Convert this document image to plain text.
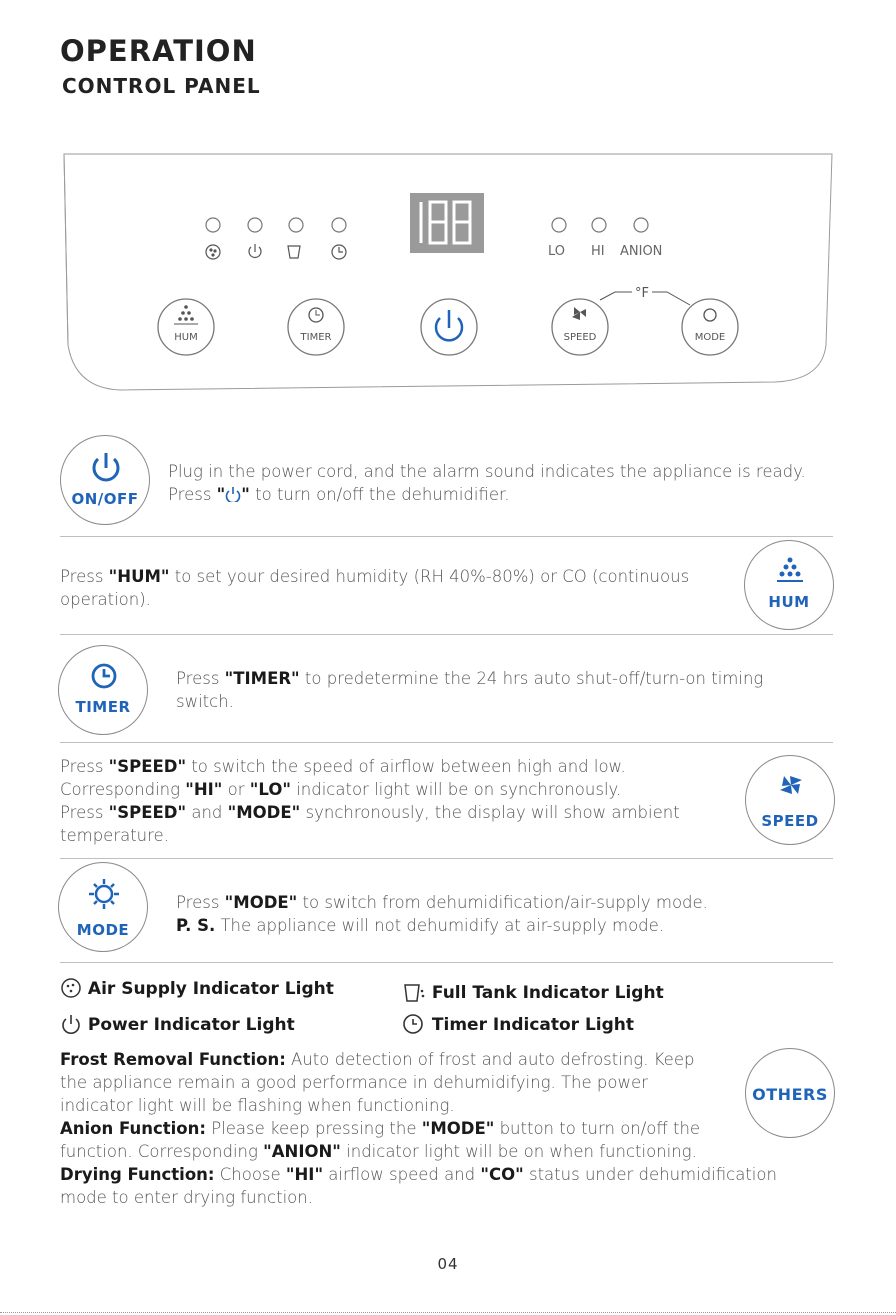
OPERATION
CONTROL PANEL
LO HI ANION
HUM	TIMER	SPEED	MODE
°F
ON/OFF
Plug in the power cord, and the alarm sound indicates the appliance is ready.
Press " " to turn on/off the dehumidifier.
Press "HUM" to set your desired humidity (RH 40%-80%) or CO (continuous
operation).	HUM
TIMER
Press "TIMER" to predetermine the 24 hrs auto shut-off/turn-on timing
switch.
Press "SPEED" to switch the speed of airflow between high and low.
Corresponding "HI" or "LO" indicator light will be on synchronously.
Press "SPEED" and "MODE" synchronously, the display will show ambient
temperature.
SPEED
MODE
Press "MODE" to switch from dehumidification/air-supply mode.
P. S. The appliance will not dehumidify at air-supply mode.
Air Supply Indicator Light	Full Tank Indicator Light
Power Indicator Light	Timer Indicator Light
Frost Removal Function: Auto detection of frost and auto defrosting. Keep
the appliance remain a good performance in dehumidifying. The power
indicator light will be flashing when functioning.
Anion Function: Please keep pressing the "MODE" button to turn on/off the
function. Corresponding "ANION" indicator light will be on when functioning.
Drying Function: Choose "HI" airflow speed and "CO" status under dehumidification
mode to enter drying function.
OTHERS
04
